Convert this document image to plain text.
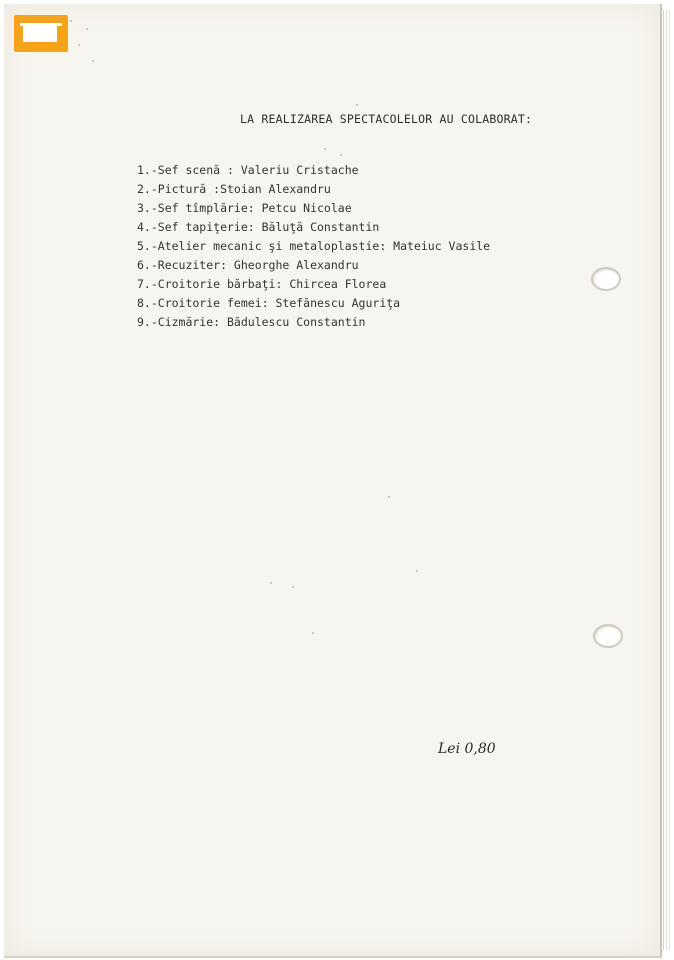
LA REALIZAREA SPECTACOLELOR AU COLABORAT:
1.-Sef scenă : Valeriu Cristache
2.-Pictură :Stoian Alexandru
3.-Sef tîmplărie: Petcu Nicolae
4.-Sef tapiţerie: Băluţă Constantin
5.-Atelier mecanic şi metaloplastie: Mateiuc Vasile
6.-Recuziter: Gheorghe Alexandru
7.-Croitorie bărbaţi: Chircea Florea
8.-Croitorie femei: Stefănescu Aguriţa
9.-Cizmărie: Bădulescu Constantin
Lei 0,80
